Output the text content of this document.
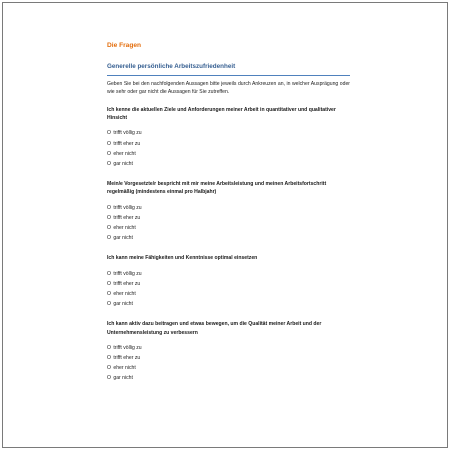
Die Fragen
Generelle persönliche Arbeitszufriedenheit
Geben Sie bei den nachfolgenden Aussagen bitte jeweils durch Ankreuzen an, in welcher Ausprägung oder wie sehr oder gar nicht die Aussagen für Sie zutreffen.
Ich kenne die aktuellen Ziele und Anforderungen meiner Arbeit in quantitativer und qualitativer Hinsicht
O trifft völlig zu
O trifft eher zu
O eher nicht
O gar nicht
Mein/e Vorgesetzte/r bespricht mit mir meine Arbeitsleistung und meinen Arbeitsfortschritt regelmäßig (mindestens einmal pro Halbjahr)
O trifft völlig zu
O trifft eher zu
O eher nicht
O gar nicht
Ich kann meine Fähigkeiten und Kenntnisse optimal einsetzen
O trifft völlig zu
O trifft eher zu
O eher nicht
O gar nicht
Ich kann aktiv dazu beitragen und etwas bewegen, um die Qualität meiner Arbeit und der Unternehmensleistung zu verbessern
O trifft völlig zu
O trifft eher zu
O eher nicht
O gar nicht
